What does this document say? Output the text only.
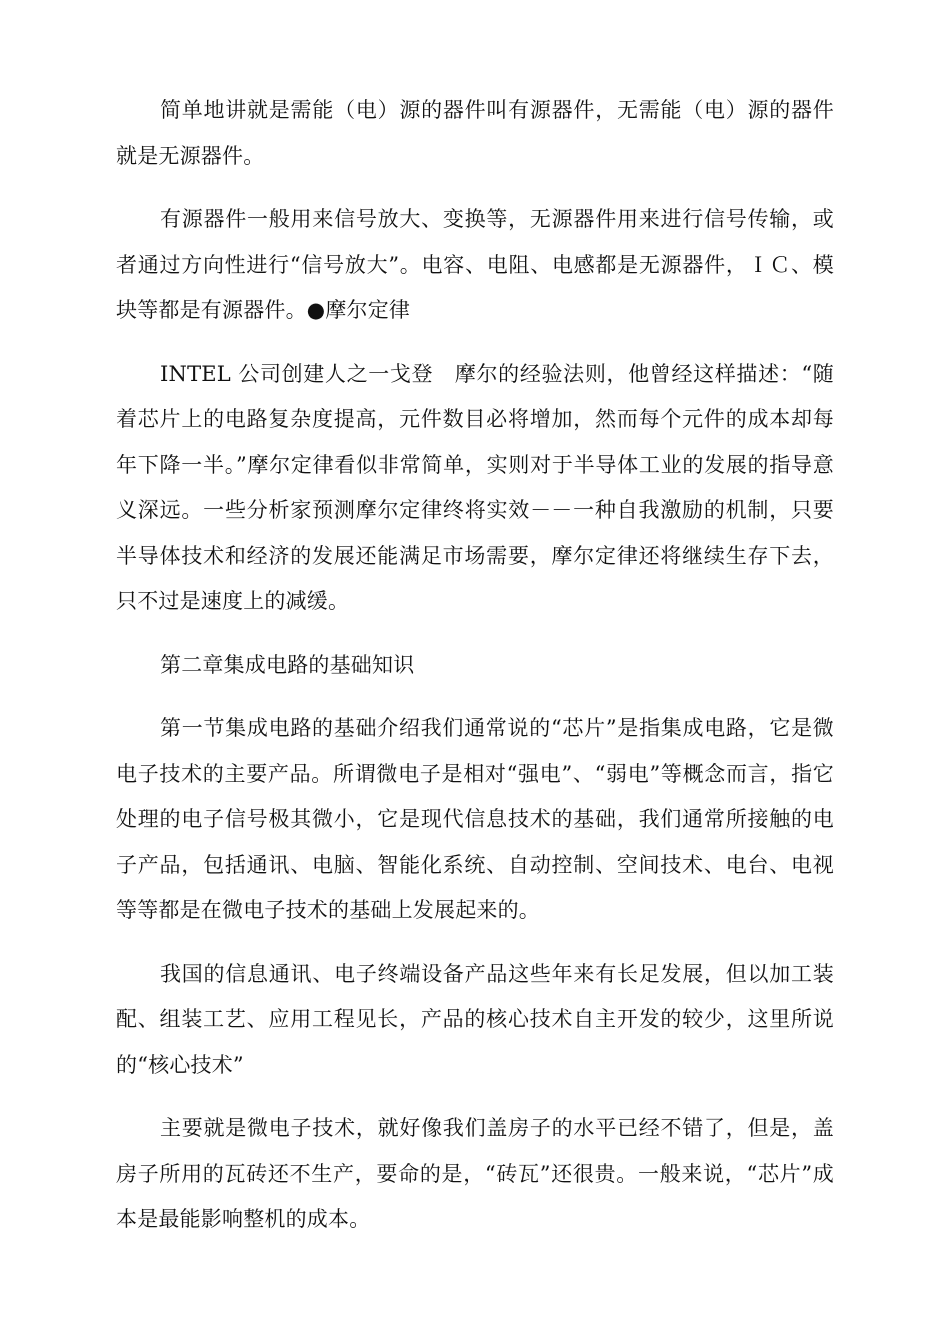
简单地讲就是需能（电）源的器件叫有源器件，无需能（电）源的器件就是无源器件。

有源器件一般用来信号放大、变换等，无源器件用来进行信号传输，或者通过方向性进行“信号放大”。电容、电阻、电感都是无源器件，ＩＣ、模块等都是有源器件。●摩尔定律

INTEL 公司创建人之一戈登　摩尔的经验法则，他曾经这样描述：“随着芯片上的电路复杂度提高，元件数目必将增加，然而每个元件的成本却每年下降一半。”摩尔定律看似非常简单，实则对于半导体工业的发展的指导意义深远。一些分析家预测摩尔定律终将实效－－一种自我激励的机制，只要半导体技术和经济的发展还能满足市场需要，摩尔定律还将继续生存下去，只不过是速度上的减缓。

第二章集成电路的基础知识

第一节集成电路的基础介绍我们通常说的“芯片”是指集成电路，它是微电子技术的主要产品。所谓微电子是相对“强电”、“弱电”等概念而言，指它处理的电子信号极其微小，它是现代信息技术的基础，我们通常所接触的电子产品，包括通讯、电脑、智能化系统、自动控制、空间技术、电台、电视等等都是在微电子技术的基础上发展起来的。

我国的信息通讯、电子终端设备产品这些年来有长足发展，但以加工装配、组装工艺、应用工程见长，产品的核心技术自主开发的较少，这里所说的“核心技术”

主要就是微电子技术，就好像我们盖房子的水平已经不错了，但是，盖房子所用的瓦砖还不生产，要命的是，“砖瓦”还很贵。一般来说，“芯片”成本是最能影响整机的成本。
